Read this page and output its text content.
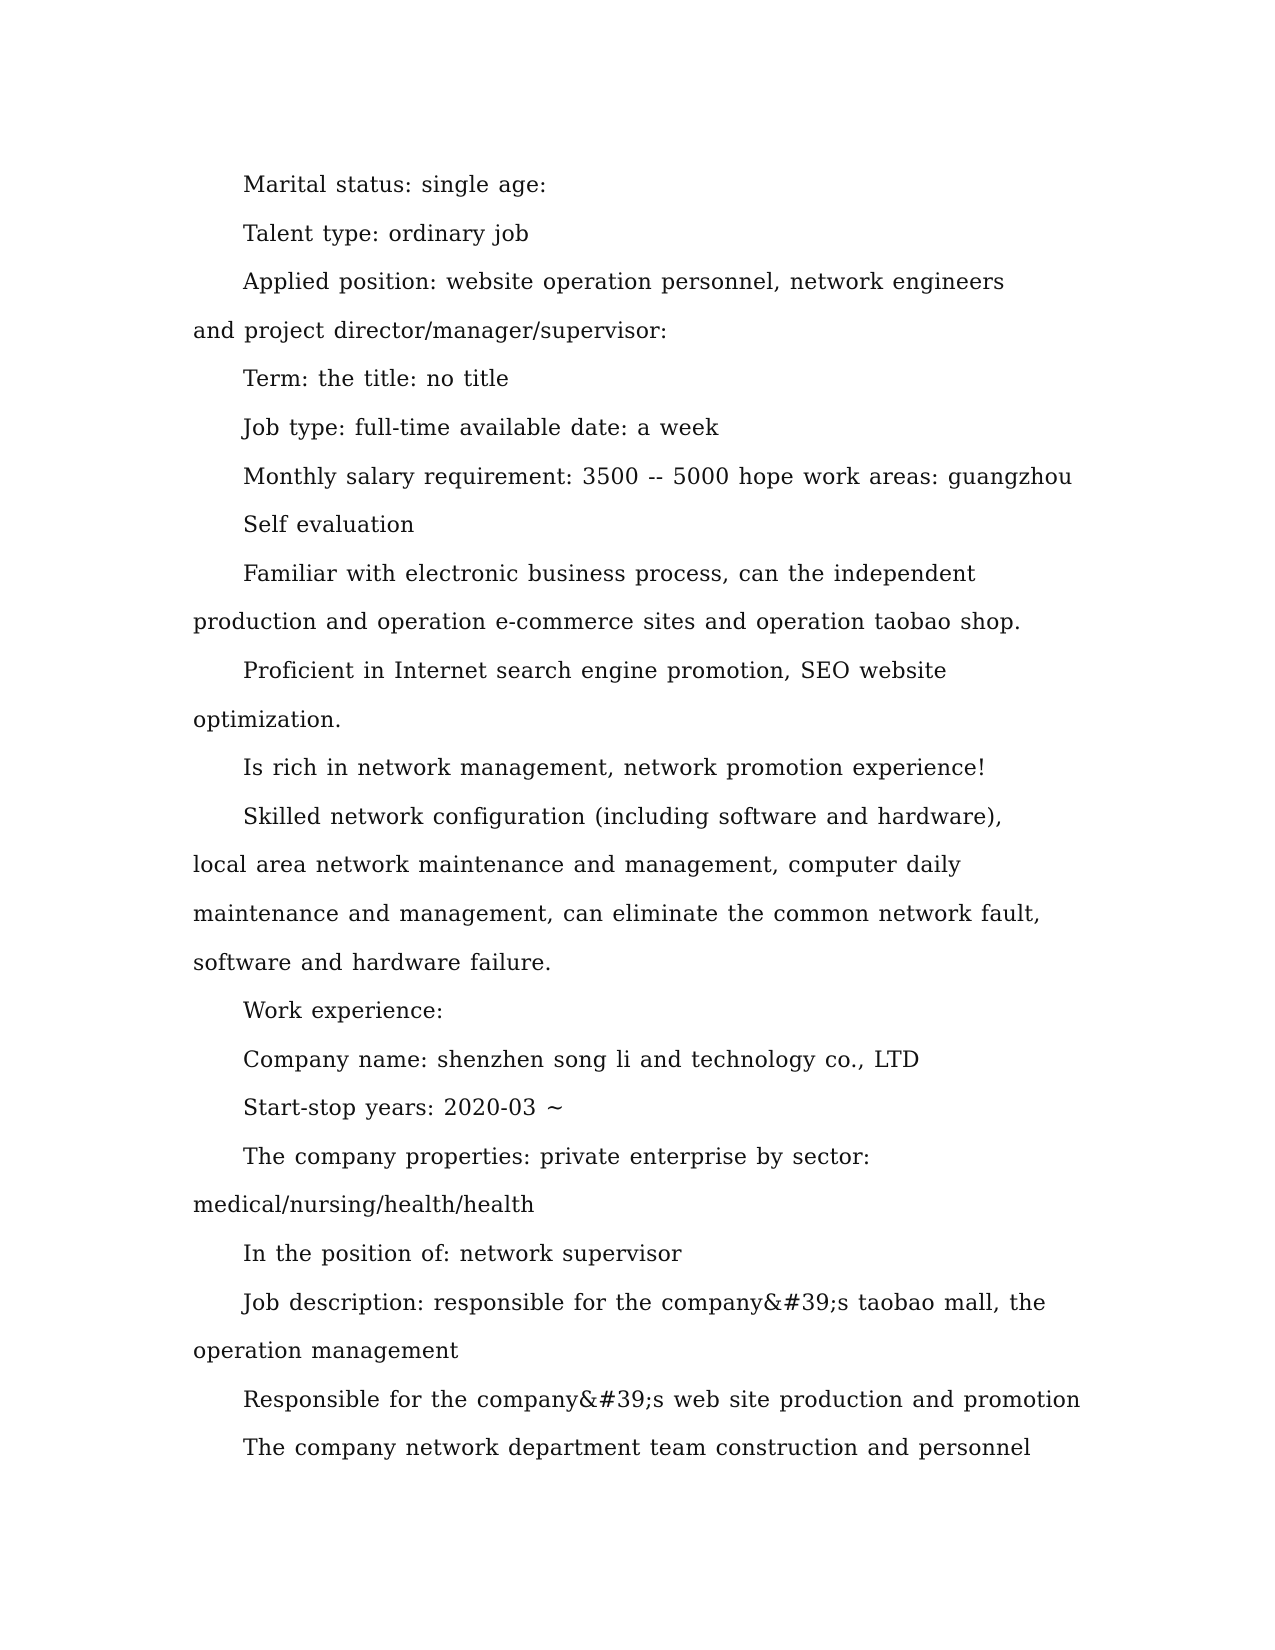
Marital status: single age:
Talent type: ordinary job
Applied position: website operation personnel, network engineers
and project director/manager/supervisor:
Term: the title: no title
Job type: full-time available date: a week
Monthly salary requirement: 3500 -- 5000 hope work areas: guangzhou
Self evaluation
Familiar with electronic business process, can the independent
production and operation e-commerce sites and operation taobao shop.
Proficient in Internet search engine promotion, SEO website
optimization.
Is rich in network management, network promotion experience!
Skilled network configuration (including software and hardware),
local area network maintenance and management, computer daily
maintenance and management, can eliminate the common network fault,
software and hardware failure.
Work experience:
Company name: shenzhen song li and technology co., LTD
Start-stop years: 2020-03 ~
The company properties: private enterprise by sector:
medical/nursing/health/health
In the position of: network supervisor
Job description: responsible for the company&#39;s taobao mall, the
operation management
Responsible for the company&#39;s web site production and promotion
The company network department team construction and personnel
